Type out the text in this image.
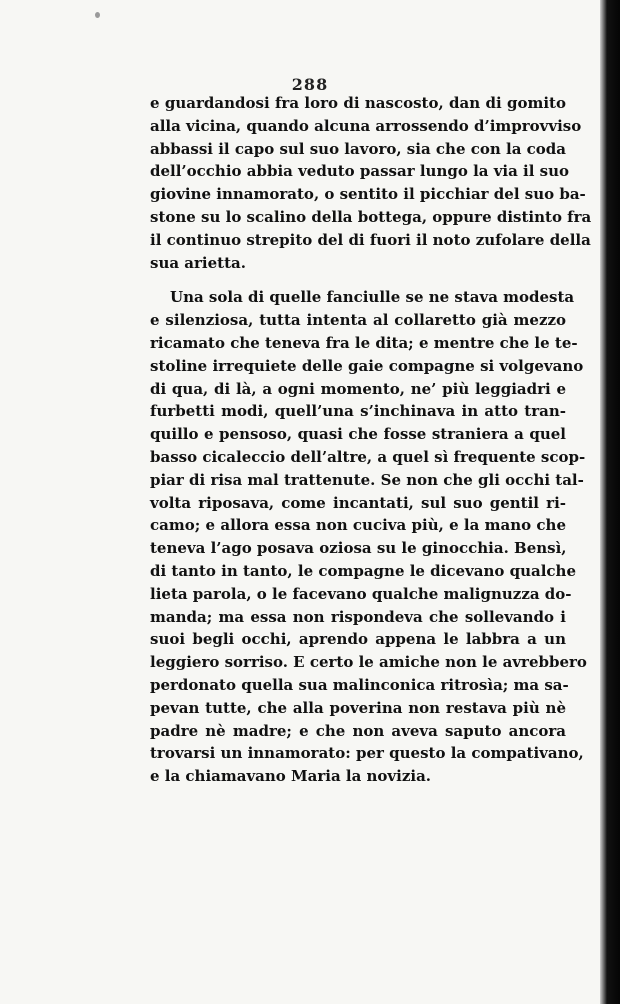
288
e guardandosi fra loro di nascosto, dan di gomito
alla vicina, quando alcuna arrossendo d’improvviso
abbassi il capo sul suo lavoro, sia che con la coda
dell’occhio abbia veduto passar lungo la via il suo
giovine innamorato, o sentito il picchiar del suo ba-
stone su lo scalino della bottega, oppure distinto fra
il continuo strepito del di fuori il noto zufolare della
sua arietta.
Una sola di quelle fanciulle se ne stava modesta
e silenziosa, tutta intenta al collaretto già mezzo
ricamato che teneva fra le dita; e mentre che le te-
stoline irrequiete delle gaie compagne si volgevano
di qua, di là, a ogni momento, ne’ più leggiadri e
furbetti modi, quell’una s’inchinava in atto tran-
quillo e pensoso, quasi che fosse straniera a quel
basso cicaleccio dell’altre, a quel sì frequente scop-
piar di risa mal trattenute. Se non che gli occhi tal-
volta riposava, come incantati, sul suo gentil ri-
camo; e allora essa non cuciva più, e la mano che
teneva l’ago posava oziosa su le ginocchia. Bensì,
di tanto in tanto, le compagne le dicevano qualche
lieta parola, o le facevano qualche malignuzza do-
manda; ma essa non rispondeva che sollevando i
suoi begli occhi, aprendo appena le labbra a un
leggiero sorriso. E certo le amiche non le avrebbero
perdonato quella sua malinconica ritrosìa; ma sa-
pevan tutte, che alla poverina non restava più nè
padre nè madre; e che non aveva saputo ancora
trovarsi un innamorato: per questo la compativano,
e la chiamavano Maria la novizia.
